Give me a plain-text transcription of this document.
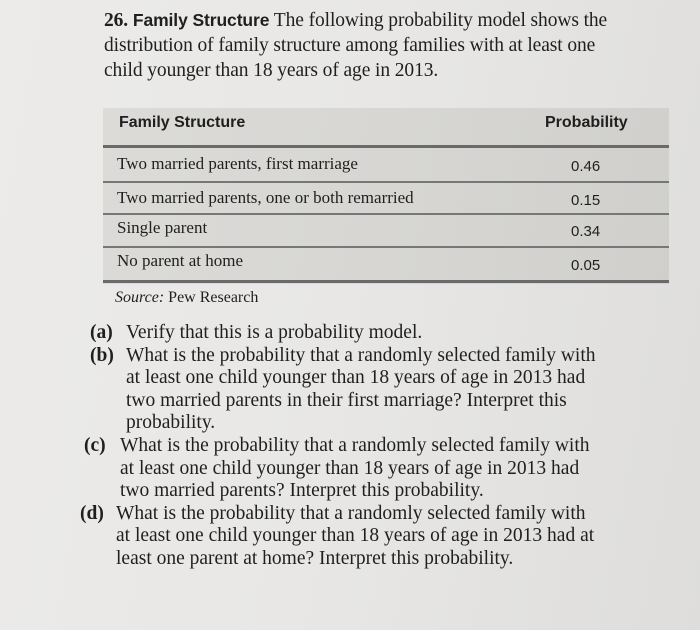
26. Family Structure The following probability model shows the
distribution of family structure among families with at least one
child younger than 18 years of age in 2013.
Family Structure	Probability
Two married parents, first marriage	0.46
Two married parents, one or both remarried	0.15
Single parent	0.34
No parent at home	0.05
Source: Pew Research
(a) Verify that this is a probability model.
(b) What is the probability that a randomly selected family with
at least one child younger than 18 years of age in 2013 had
two married parents in their first marriage? Interpret this
probability.
(c) What is the probability that a randomly selected family with
at least one child younger than 18 years of age in 2013 had
two married parents? Interpret this probability.
(d) What is the probability that a randomly selected family with
at least one child younger than 18 years of age in 2013 had at
least one parent at home? Interpret this probability.
